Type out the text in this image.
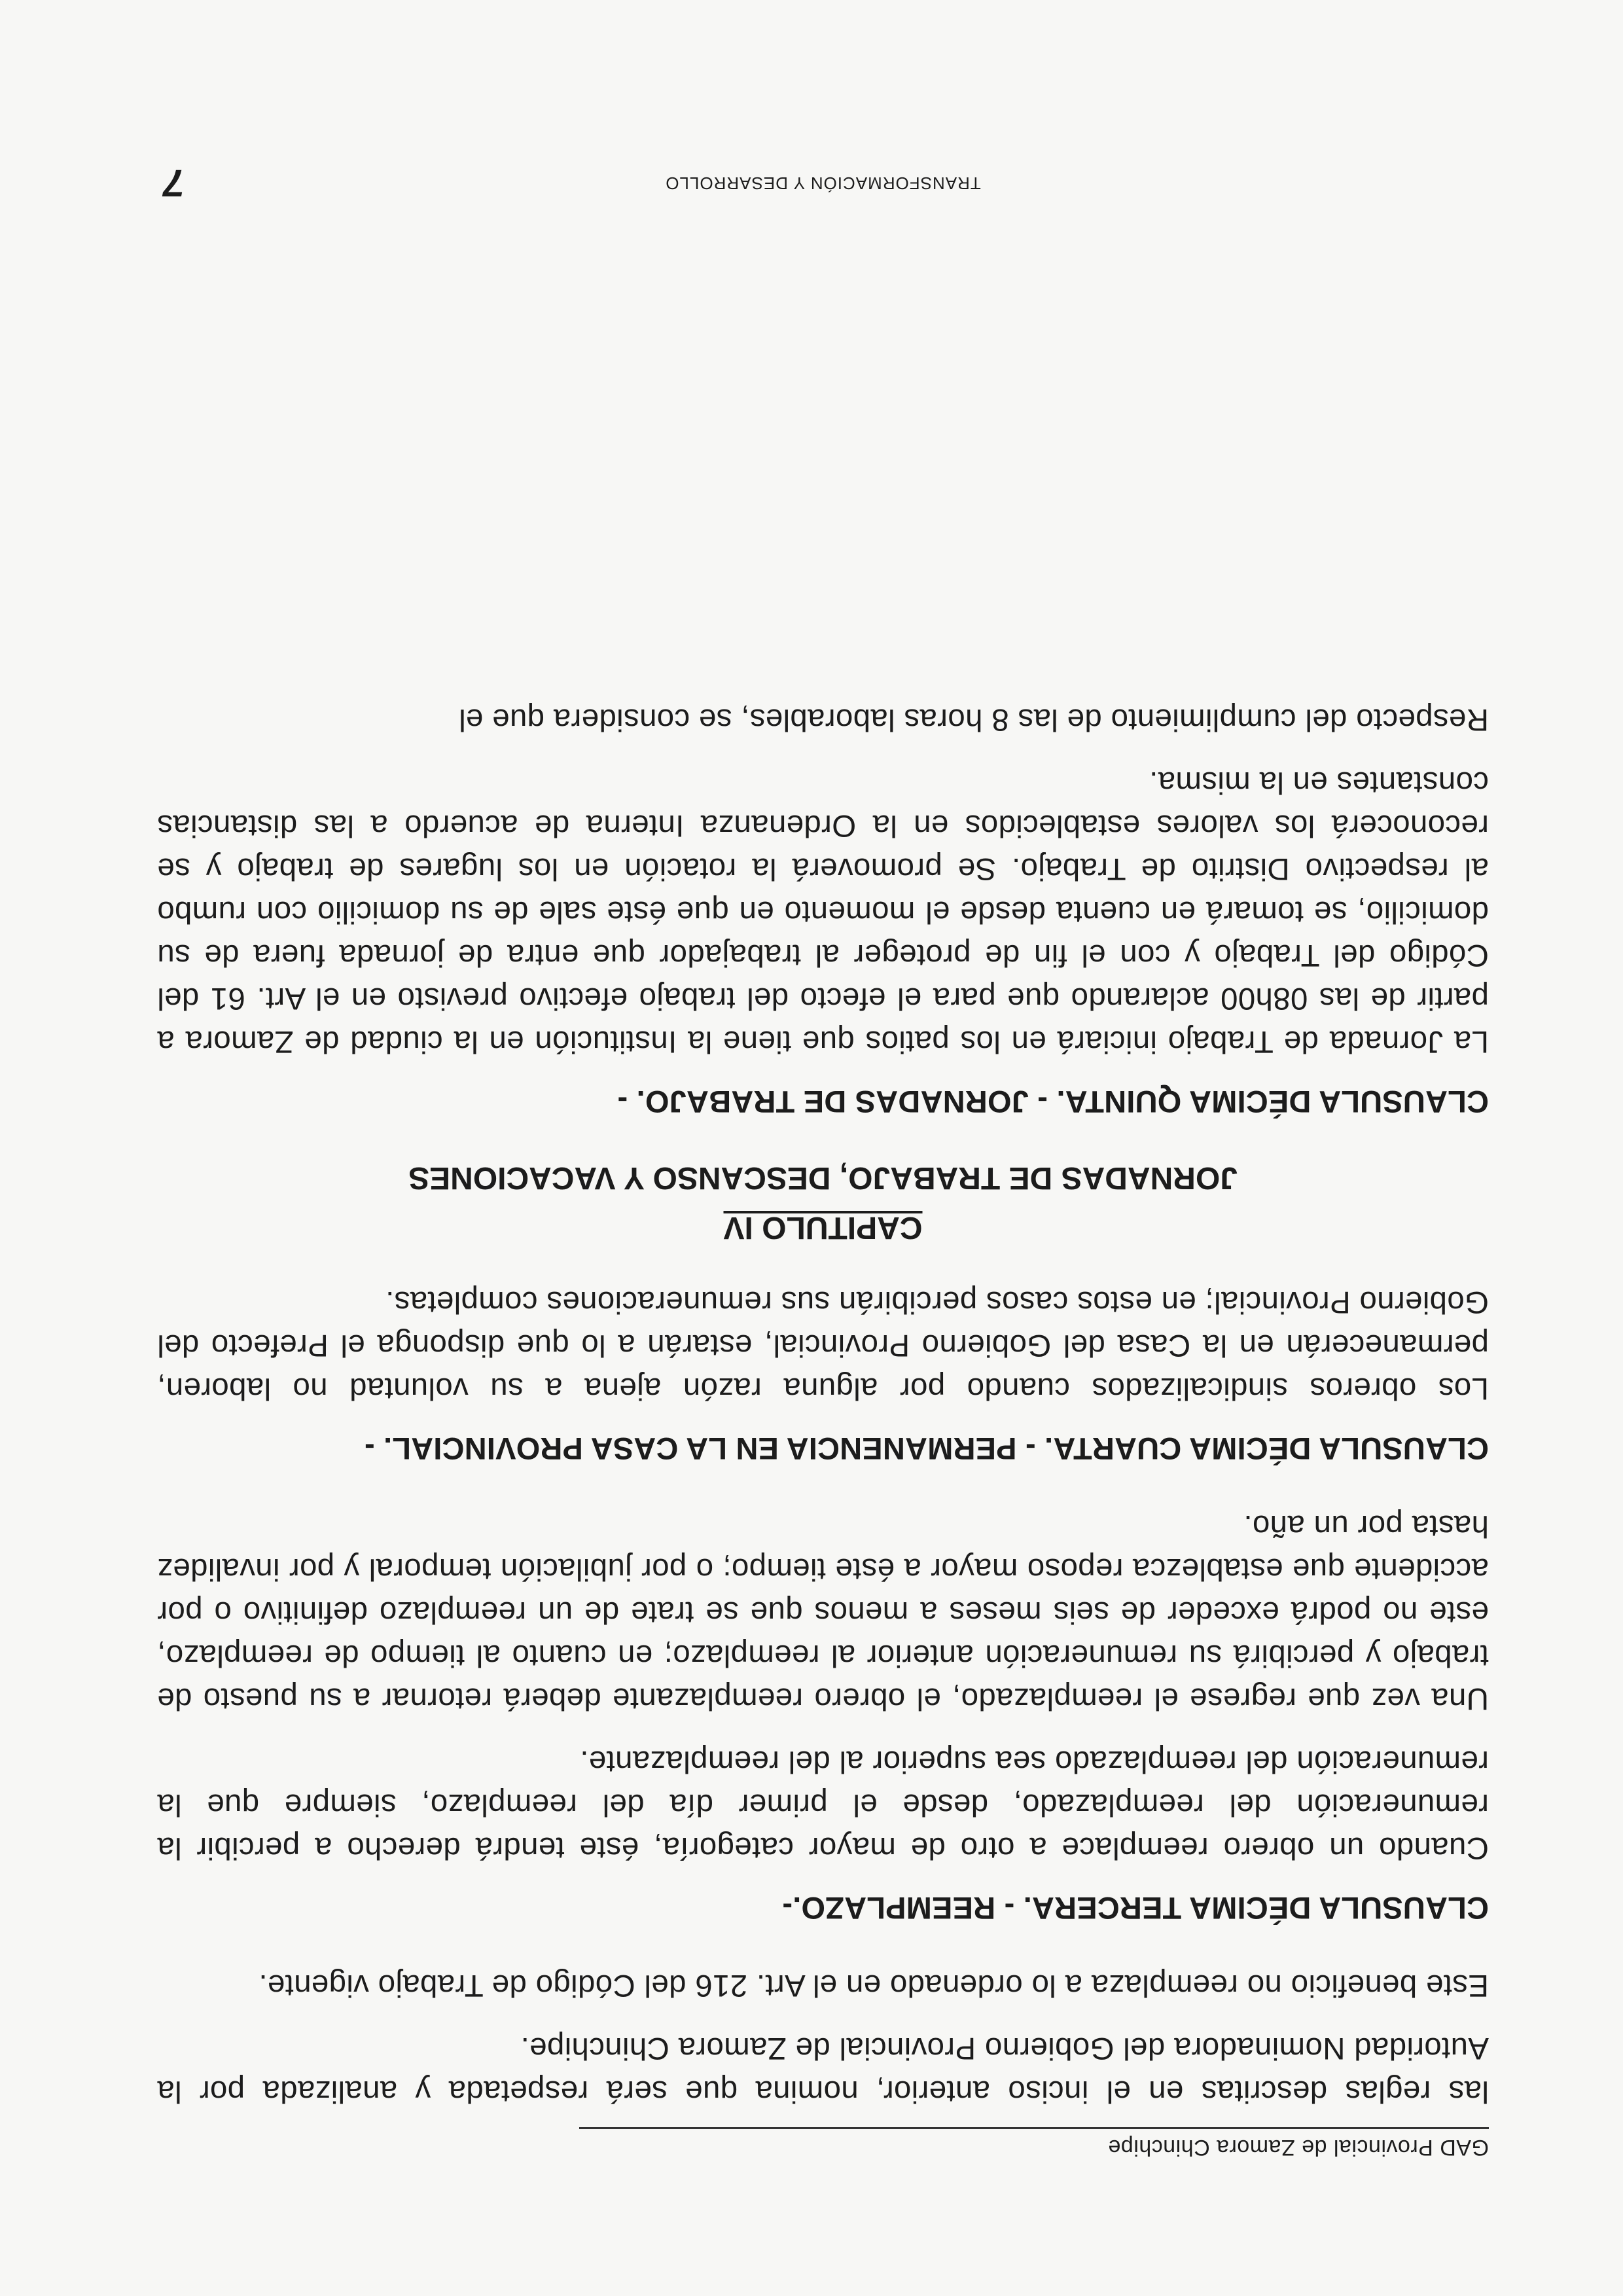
GAD Provincial de Zamora Chinchipe

las reglas descritas en el inciso anterior, nomina que será respetada y analizada por la Autoridad Nominadora del Gobierno Provincial de Zamora Chinchipe.

Este beneficio no reemplaza a lo ordenado en el Art. 216 del Código de Trabajo vigente.

CLAUSULA DÉCIMA TERCERA. - REEMPLAZO.-

Cuando un obrero reemplace a otro de mayor categoría, éste tendrá derecho a percibir la remuneración del reemplazado, desde el primer día del reemplazo, siempre que la remuneración del reemplazado sea superior al del reemplazante.

Una vez que regrese el reemplazado, el obrero reemplazante deberá retornar a su puesto de trabajo y percibirá su remuneración anterior al reemplazo; en cuanto al tiempo de reemplazo, este no podrá exceder de seis meses a menos que se trate de un reemplazo definitivo o por accidente que establezca reposo mayor a éste tiempo; o por jubilación temporal y por invalidez hasta por un año.

CLAUSULA DÉCIMA CUARTA. - PERMANENCIA EN LA CASA PROVINCIAL. -

Los obreros sindicalizados cuando por alguna razón ajena a su voluntad no laboren, permanecerán en la Casa del Gobierno Provincial, estarán a lo que disponga el Prefecto del Gobierno Provincial; en estos casos percibirán sus remuneraciones completas.

CAPITULO IV
JORNADAS DE TRABAJO, DESCANSO Y VACACIONES
CLAUSULA DÉCIMA QUINTA. - JORNADAS DE TRABAJO. -

La Jornada de Trabajo iniciará en los patios que tiene la Institución en la ciudad de Zamora a partir de las 08h00 aclarando que para el efecto del trabajo efectivo previsto en el Art. 61 del Código del Trabajo y con el fin de proteger al trabajador que entra de jornada fuera de su domicilio, se tomará en cuenta desde el momento en que éste sale de su domicilio con rumbo al respectivo Distrito de Trabajo. Se promoverá la rotación en los lugares de trabajo y se reconocerá los valores establecidos en la Ordenanza Interna de acuerdo a las distancias constantes en la misma.

Respecto del cumplimiento de las 8 horas laborables, se considera que el

TRANSFORMACIÓN Y DESARROLLO
7
